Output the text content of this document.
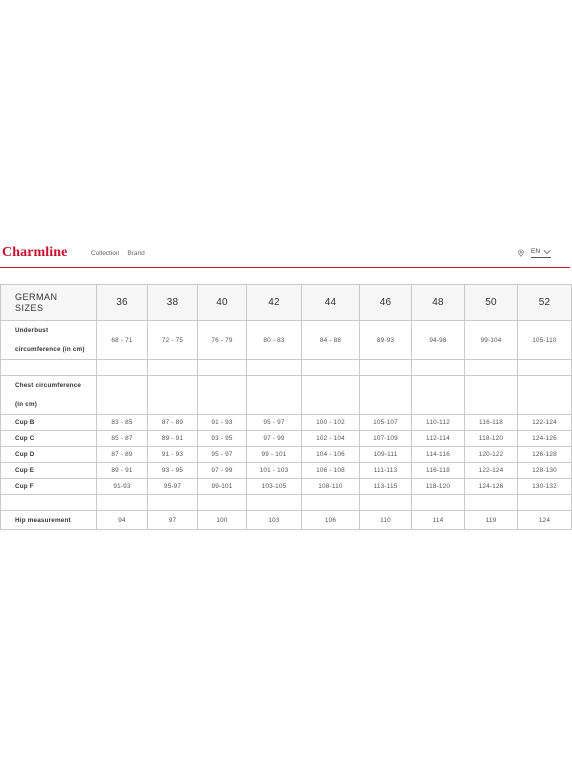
Charmline	Collection Brand	EN
GERMAN
SIZES	36	38	40	42	44	46	48	50	52

Underbust
circumference (in cm)	68 - 71	72 - 75	76 - 79	80 - 83	84 - 88	89-93	94-98	99-104	105-110

Chest circumference
(in cm)									

Cup B	83 - 85	87 - 89	91 - 93	95 - 97	100 - 102	105-107	110-112	116-118	122-124
Cup C	85 - 87	89 - 91	93 - 95	97 - 99	102 - 104	107-109	112-114	118-120	124-126
Cup D	87 - 89	91 - 93	95 - 97	99 - 101	104 - 106	109-111	114-116	120-122	126-128
Cup E	89 - 91	93 - 95	97 - 99	101 - 103	106 - 108	111-113	116-118	122-124	128-130
Cup F	91-93	95-97	99-101	103-105	108-110	113-115	118-120	124-126	130-132

Hip measurement	94	97	100	103	106	110	114	119	124
